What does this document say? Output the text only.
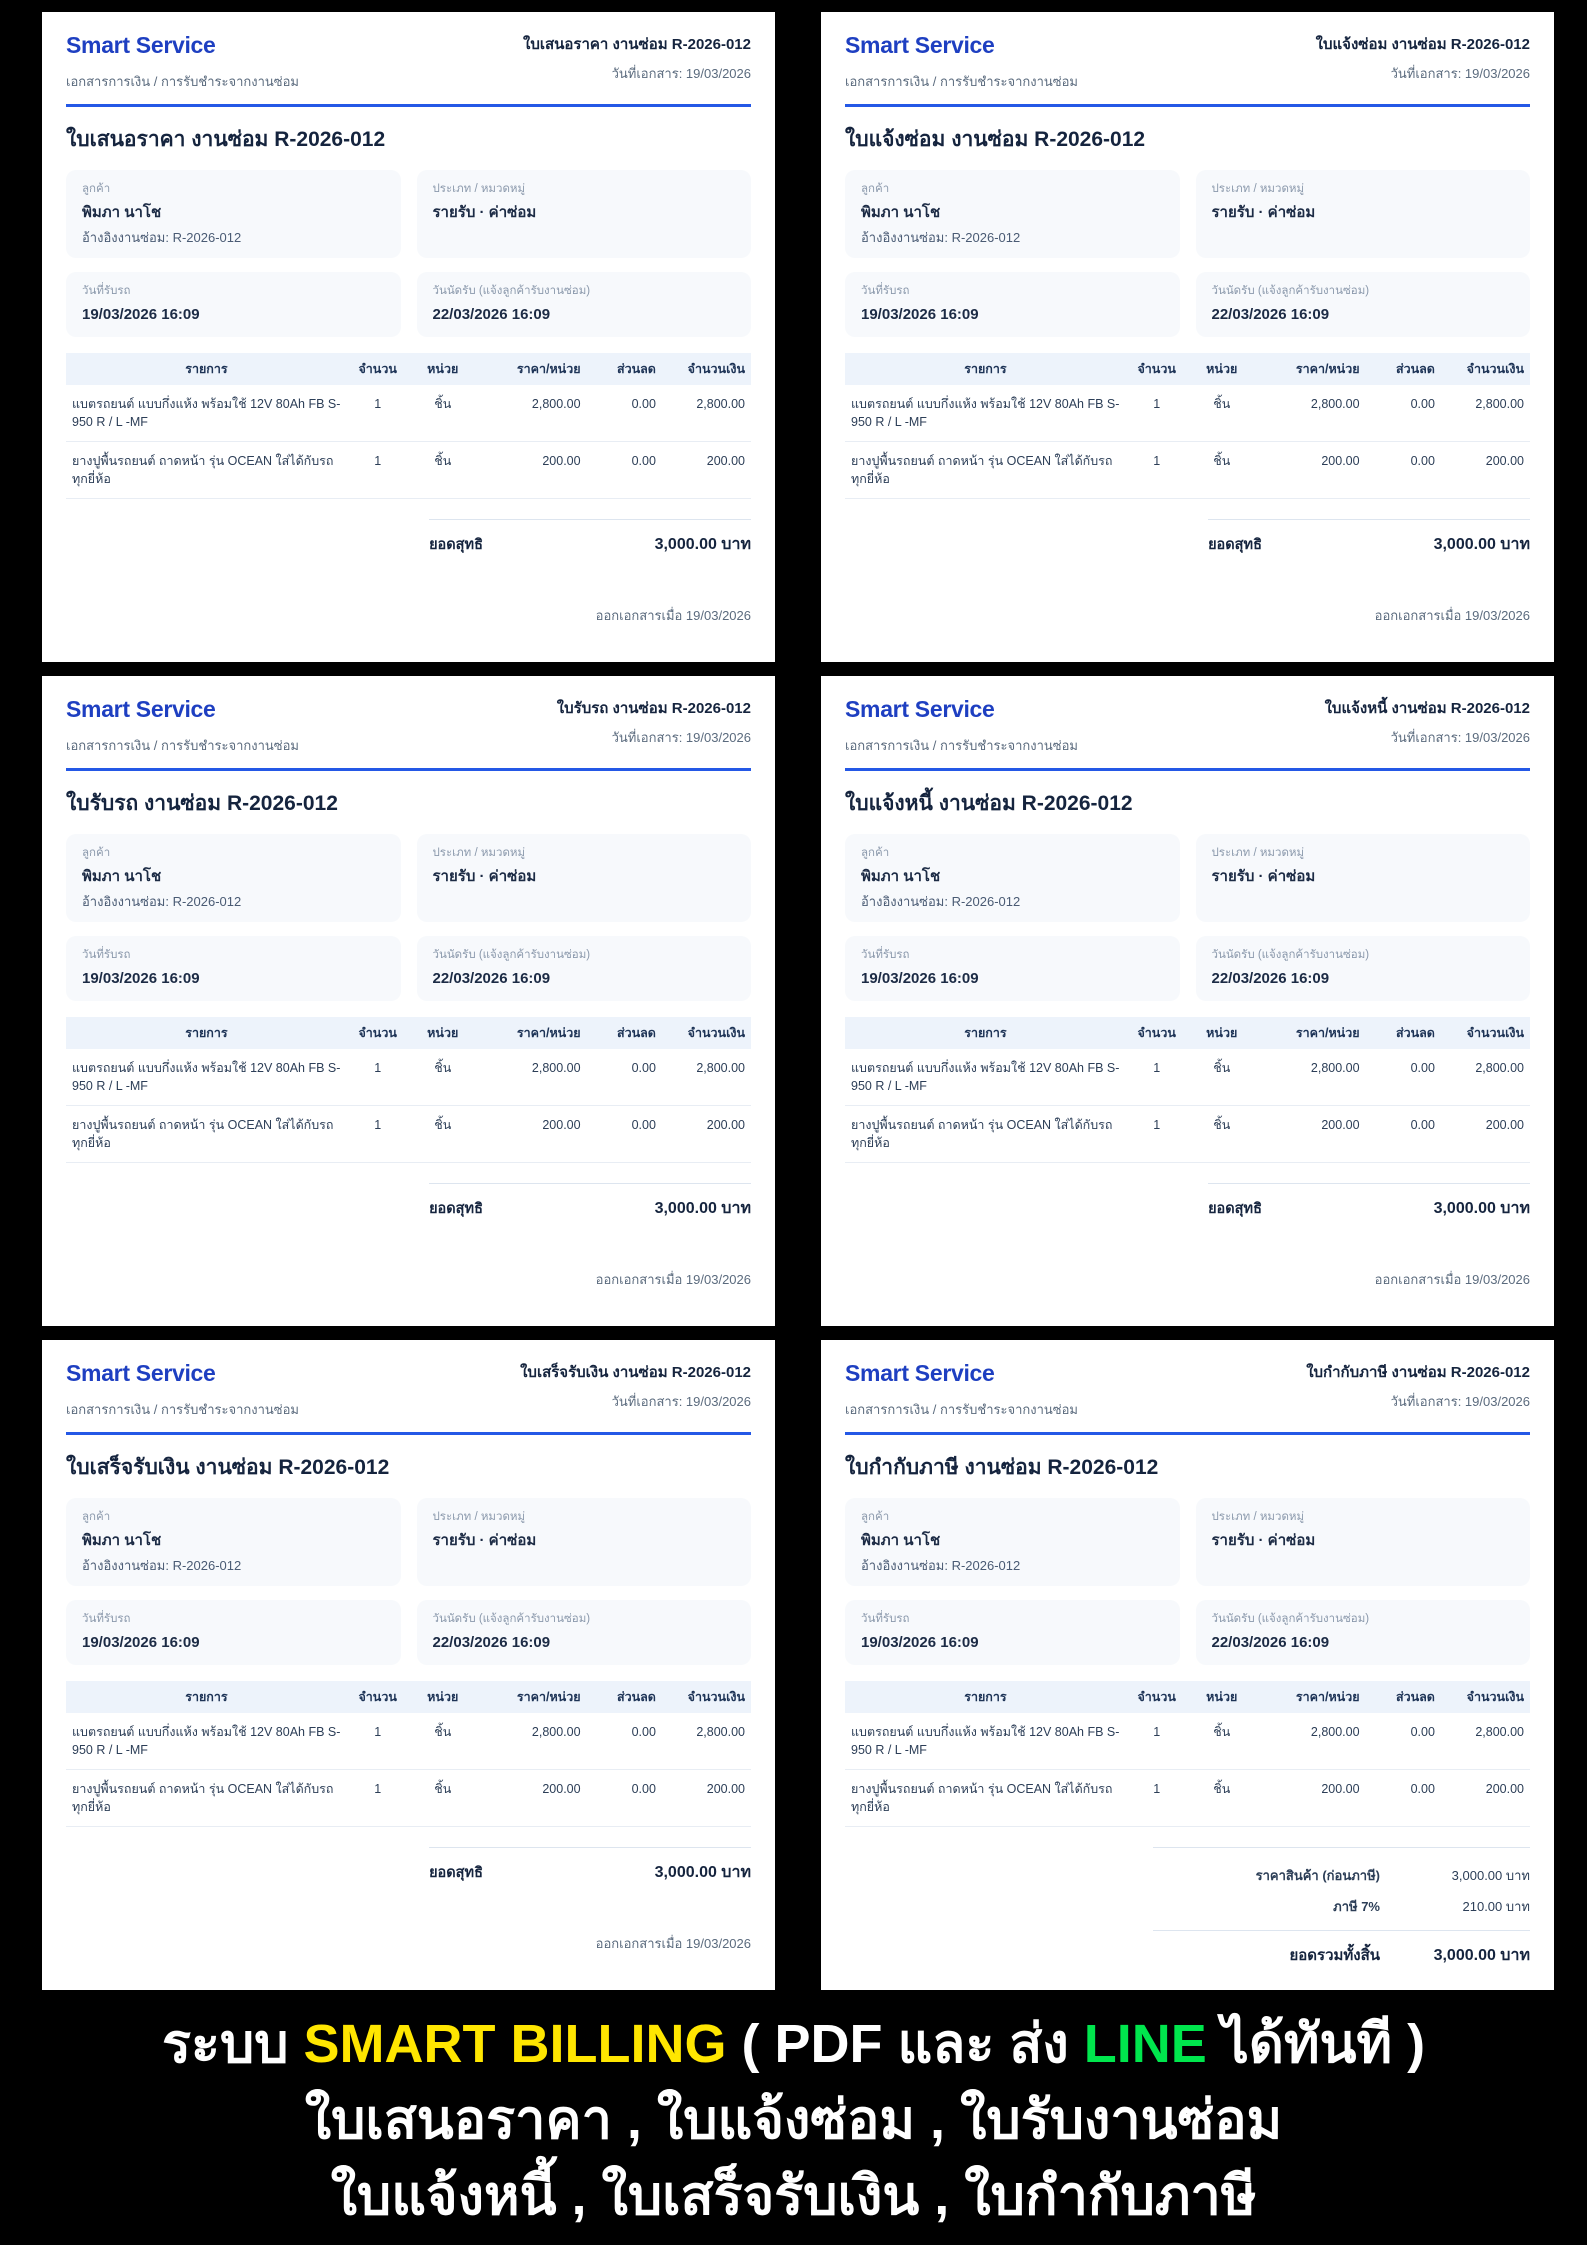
Smart Service
เอกสารการเงิน / การรับชำระจากงานซ่อม
ใบเสนอราคา งานซ่อม R-2026-012
วันที่เอกสาร: 19/03/2026
ใบเสนอราคา งานซ่อม R-2026-012
ลูกค้า
พิมภา นาโช
อ้างอิงงานซ่อม: R-2026-012
ประเภท / หมวดหมู่
รายรับ · ค่าซ่อม
วันที่รับรถ
19/03/2026 16:09
วันนัดรับ (แจ้งลูกค้ารับงานซ่อม)
22/03/2026 16:09
รายการ	จำนวน	หน่วย	ราคา/หน่วย	ส่วนลด	จำนวนเงิน
แบตรถยนต์ แบบกึ่งแห้ง พร้อมใช้ 12V 80Ah FB S-950 R / L -MF	1	ชิ้น	2,800.00	0.00	2,800.00
ยางปูพื้นรถยนต์ ถาดหน้า รุ่น OCEAN ใส่ได้กับรถทุกยี่ห้อ	1	ชิ้น	200.00	0.00	200.00
ยอดสุทธิ	3,000.00 บาท
ออกเอกสารเมื่อ 19/03/2026
Smart Service
เอกสารการเงิน / การรับชำระจากงานซ่อม
ใบแจ้งซ่อม งานซ่อม R-2026-012
วันที่เอกสาร: 19/03/2026
ใบแจ้งซ่อม งานซ่อม R-2026-012
ลูกค้า
พิมภา นาโช
อ้างอิงงานซ่อม: R-2026-012
ประเภท / หมวดหมู่
รายรับ · ค่าซ่อม
วันที่รับรถ
19/03/2026 16:09
วันนัดรับ (แจ้งลูกค้ารับงานซ่อม)
22/03/2026 16:09
รายการ	จำนวน	หน่วย	ราคา/หน่วย	ส่วนลด	จำนวนเงิน
แบตรถยนต์ แบบกึ่งแห้ง พร้อมใช้ 12V 80Ah FB S-950 R / L -MF	1	ชิ้น	2,800.00	0.00	2,800.00
ยางปูพื้นรถยนต์ ถาดหน้า รุ่น OCEAN ใส่ได้กับรถทุกยี่ห้อ	1	ชิ้น	200.00	0.00	200.00
ยอดสุทธิ	3,000.00 บาท
ออกเอกสารเมื่อ 19/03/2026
Smart Service
เอกสารการเงิน / การรับชำระจากงานซ่อม
ใบรับรถ งานซ่อม R-2026-012
วันที่เอกสาร: 19/03/2026
ใบรับรถ งานซ่อม R-2026-012
ลูกค้า
พิมภา นาโช
อ้างอิงงานซ่อม: R-2026-012
ประเภท / หมวดหมู่
รายรับ · ค่าซ่อม
วันที่รับรถ
19/03/2026 16:09
วันนัดรับ (แจ้งลูกค้ารับงานซ่อม)
22/03/2026 16:09
รายการ	จำนวน	หน่วย	ราคา/หน่วย	ส่วนลด	จำนวนเงิน
แบตรถยนต์ แบบกึ่งแห้ง พร้อมใช้ 12V 80Ah FB S-950 R / L -MF	1	ชิ้น	2,800.00	0.00	2,800.00
ยางปูพื้นรถยนต์ ถาดหน้า รุ่น OCEAN ใส่ได้กับรถทุกยี่ห้อ	1	ชิ้น	200.00	0.00	200.00
ยอดสุทธิ	3,000.00 บาท
ออกเอกสารเมื่อ 19/03/2026
Smart Service
เอกสารการเงิน / การรับชำระจากงานซ่อม
ใบแจ้งหนี้ งานซ่อม R-2026-012
วันที่เอกสาร: 19/03/2026
ใบแจ้งหนี้ งานซ่อม R-2026-012
ลูกค้า
พิมภา นาโช
อ้างอิงงานซ่อม: R-2026-012
ประเภท / หมวดหมู่
รายรับ · ค่าซ่อม
วันที่รับรถ
19/03/2026 16:09
วันนัดรับ (แจ้งลูกค้ารับงานซ่อม)
22/03/2026 16:09
รายการ	จำนวน	หน่วย	ราคา/หน่วย	ส่วนลด	จำนวนเงิน
แบตรถยนต์ แบบกึ่งแห้ง พร้อมใช้ 12V 80Ah FB S-950 R / L -MF	1	ชิ้น	2,800.00	0.00	2,800.00
ยางปูพื้นรถยนต์ ถาดหน้า รุ่น OCEAN ใส่ได้กับรถทุกยี่ห้อ	1	ชิ้น	200.00	0.00	200.00
ยอดสุทธิ	3,000.00 บาท
ออกเอกสารเมื่อ 19/03/2026
Smart Service
เอกสารการเงิน / การรับชำระจากงานซ่อม
ใบเสร็จรับเงิน งานซ่อม R-2026-012
วันที่เอกสาร: 19/03/2026
ใบเสร็จรับเงิน งานซ่อม R-2026-012
ลูกค้า
พิมภา นาโช
อ้างอิงงานซ่อม: R-2026-012
ประเภท / หมวดหมู่
รายรับ · ค่าซ่อม
วันที่รับรถ
19/03/2026 16:09
วันนัดรับ (แจ้งลูกค้ารับงานซ่อม)
22/03/2026 16:09
รายการ	จำนวน	หน่วย	ราคา/หน่วย	ส่วนลด	จำนวนเงิน
แบตรถยนต์ แบบกึ่งแห้ง พร้อมใช้ 12V 80Ah FB S-950 R / L -MF	1	ชิ้น	2,800.00	0.00	2,800.00
ยางปูพื้นรถยนต์ ถาดหน้า รุ่น OCEAN ใส่ได้กับรถทุกยี่ห้อ	1	ชิ้น	200.00	0.00	200.00
ยอดสุทธิ	3,000.00 บาท
ออกเอกสารเมื่อ 19/03/2026
Smart Service
เอกสารการเงิน / การรับชำระจากงานซ่อม
ใบกำกับภาษี งานซ่อม R-2026-012
วันที่เอกสาร: 19/03/2026
ใบกำกับภาษี งานซ่อม R-2026-012
ลูกค้า
พิมภา นาโช
อ้างอิงงานซ่อม: R-2026-012
ประเภท / หมวดหมู่
รายรับ · ค่าซ่อม
วันที่รับรถ
19/03/2026 16:09
วันนัดรับ (แจ้งลูกค้ารับงานซ่อม)
22/03/2026 16:09
รายการ	จำนวน	หน่วย	ราคา/หน่วย	ส่วนลด	จำนวนเงิน
แบตรถยนต์ แบบกึ่งแห้ง พร้อมใช้ 12V 80Ah FB S-950 R / L -MF	1	ชิ้น	2,800.00	0.00	2,800.00
ยางปูพื้นรถยนต์ ถาดหน้า รุ่น OCEAN ใส่ได้กับรถทุกยี่ห้อ	1	ชิ้น	200.00	0.00	200.00
ราคาสินค้า (ก่อนภาษี)	3,000.00 บาท
ภาษี 7%	210.00 บาท
ยอดรวมทั้งสิ้น	3,000.00 บาท
ระบบ SMART BILLING ( PDF และ ส่ง LINE ได้ทันที )
ใบเสนอราคา , ใบแจ้งซ่อม , ใบรับงานซ่อม
ใบแจ้งหนี้ , ใบเสร็จรับเงิน , ใบกำกับภาษี
